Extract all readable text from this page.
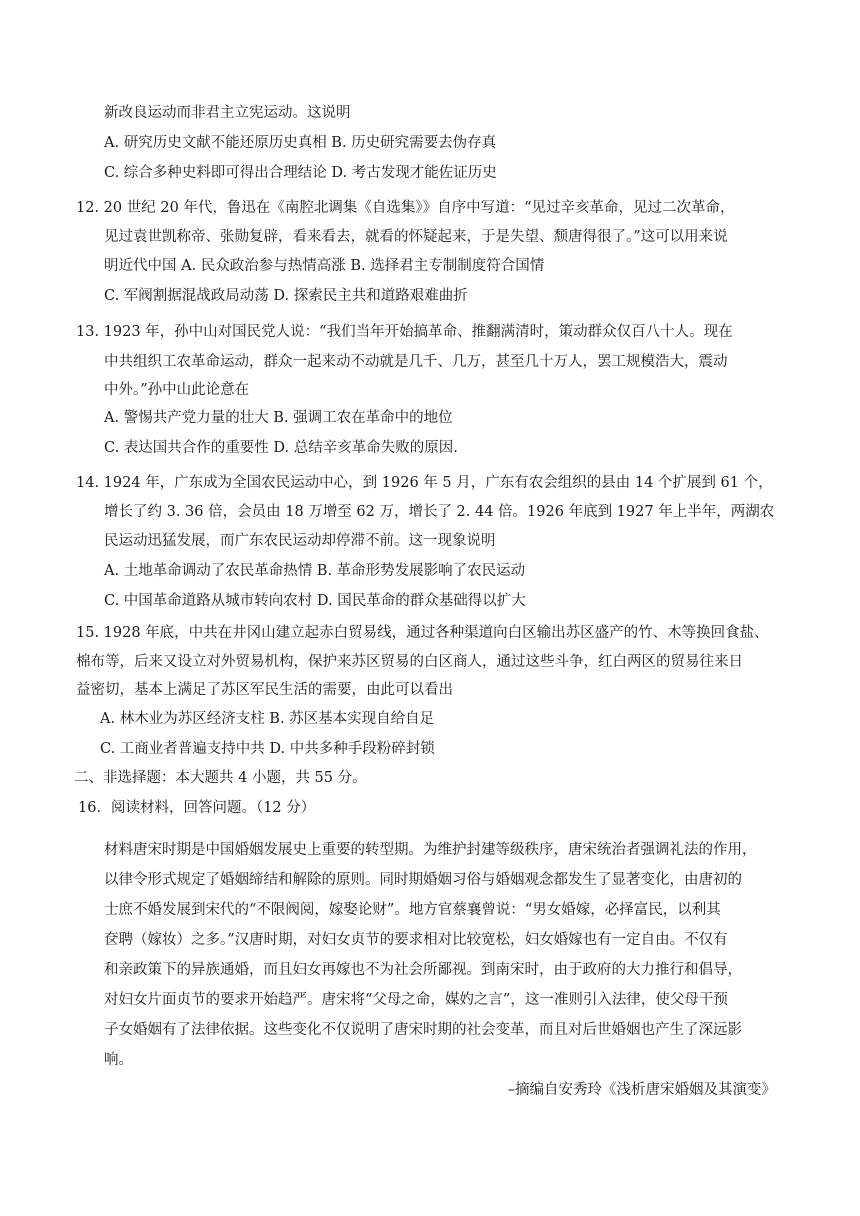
新改良运动而非君主立宪运动。这说明
A. 研究历史文献不能还原历史真相 B. 历史研究需要去伪存真
C. 综合多种史料即可得出合理结论 D. 考古发现才能佐证历史
12. 20 世纪 20 年代，鲁迅在《南腔北调集《自选集》》自序中写道：“见过辛亥革命，见过二次革命，
见过袁世凯称帝、张勋复辟，看来看去，就看的怀疑起来，于是失望、颓唐得很了。”这可以用来说
明近代中国 A. 民众政治参与热情高涨 B. 选择君主专制制度符合国情
C. 军阀割据混战政局动荡 D. 探索民主共和道路艰难曲折
13. 1923 年，孙中山对国民党人说：“我们当年开始搞革命、推翻满清时，策动群众仅百八十人。现在
中共组织工农革命运动，群众一起来动不动就是几千、几万，甚至几十万人，罢工规模浩大，震动
中外。”孙中山此论意在
A. 警惕共产党力量的壮大 B. 强调工农在革命中的地位
C. 表达国共合作的重要性 D. 总结辛亥革命失败的原因.
14. 1924 年，广东成为全国农民运动中心，到 1926 年 5 月，广东有农会组织的县由 14 个扩展到 61 个，
增长了约 3. 36 倍，会员由 18 万增至 62 万，增长了 2. 44 倍。1926 年底到 1927 年上半年，两湖农
民运动迅猛发展，而广东农民运动却停滞不前。这一现象说明
A. 土地革命调动了农民革命热情 B. 革命形势发展影响了农民运动
C. 中国革命道路从城市转向农村 D. 国民革命的群众基础得以扩大
15. 1928 年底，中共在井冈山建立起赤白贸易线，通过各种渠道向白区输出苏区盛产的竹、木等换回食盐、
棉布等，后来又设立对外贸易机构，保护来苏区贸易的白区商人，通过这些斗争，红白两区的贸易往来日
益密切，基本上满足了苏区军民生活的需要，由此可以看出
A. 林木业为苏区经济支柱 B. 苏区基本实现自给自足
C. 工商业者普遍支持中共 D. 中共多种手段粉碎封锁
二、非选择题：本大题共 4 小题，共 55 分。
16．阅读材料，回答问题。（12 分）
材料唐宋时期是中国婚姻发展史上重要的转型期。为维护封建等级秩序，唐宋统治者强调礼法的作用，
以律令形式规定了婚姻缔结和解除的原则。同时期婚姻习俗与婚姻观念都发生了显著变化，由唐初的
士庶不婚发展到宋代的“不限阀阅，嫁娶论财”。地方官蔡襄曾说：“男女婚嫁，必择富民，以利其
奁聘（嫁妆）之多。”汉唐时期，对妇女贞节的要求相对比较宽松，妇女婚嫁也有一定自由。不仅有
和亲政策下的异族通婚，而且妇女再嫁也不为社会所鄙视。到南宋时，由于政府的大力推行和倡导，
对妇女片面贞节的要求开始趋严。唐宋将“父母之命，媒妁之言”，这一准则引入法律，使父母干预
子女婚姻有了法律依据。这些变化不仅说明了唐宋时期的社会变革，而且对后世婚姻也产生了深远影
响。
–摘编自安秀玲《浅析唐宋婚姻及其演变》
